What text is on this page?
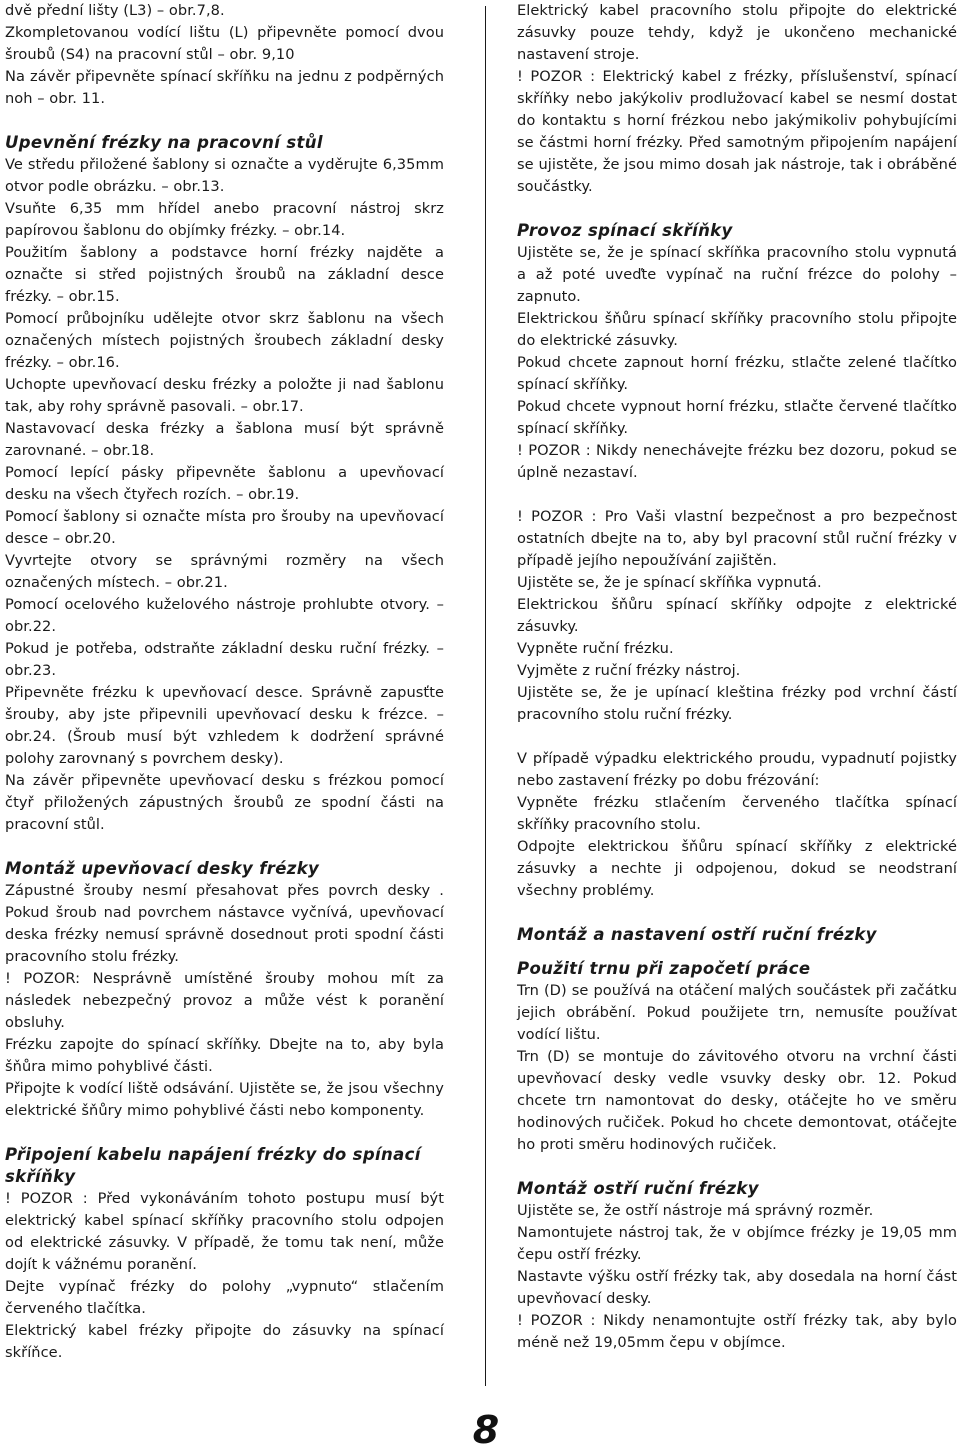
dvě přední lišty (L3) – obr.7,8.
Zkompletovanou vodící lištu (L) připevněte pomocí dvou šroubů (S4) na pracovní stůl – obr. 9,10
Na závěr připevněte spínací skříňku na jednu z podpěrných noh – obr. 11.
Upevnění frézky na pracovní stůl
Ve středu přiložené šablony si označte a vyděrujte 6,35mm otvor podle obrázku. – obr.13.
Vsuňte 6,35 mm hřídel anebo pracovní nástroj skrz papírovou šablonu do objímky frézky. – obr.14.
Použitím šablony a podstavce horní frézky najděte a označte si střed pojistných šroubů na základní desce frézky. – obr.15.
Pomocí průbojníku udělejte otvor skrz šablonu na všech označených místech pojistných šroubech základní desky frézky. – obr.16.
Uchopte upevňovací desku frézky a položte ji nad šablonu tak, aby rohy správně pasovali. – obr.17.
Nastavovací deska frézky a šablona musí být správně zarovnané. – obr.18.
Pomocí lepící pásky připevněte šablonu a upevňovací desku na všech čtyřech rozích. – obr.19.
Pomocí šablony si označte místa pro šrouby na upevňovací desce – obr.20.
Vyvrtejte otvory se správnými rozměry na všech označených místech. – obr.21.
Pomocí ocelového kuželového nástroje prohlubte otvory. – obr.22.
Pokud je potřeba, odstraňte základní desku ruční frézky. – obr.23.
Připevněte frézku k upevňovací desce. Správně zapusťte šrouby, aby jste připevnili upevňovací desku k frézce. – obr.24. (Šroub musí být vzhledem k dodržení správné polohy zarovnaný s povrchem desky).
Na závěr připevněte upevňovací desku s frézkou pomocí čtyř přiložených zápustných šroubů ze spodní části na pracovní stůl.
Montáž upevňovací desky frézky
Zápustné šrouby nesmí přesahovat přes povrch desky . Pokud šroub nad povrchem nástavce vyčnívá, upevňovací deska frézky nemusí správně dosednout proti spodní části pracovního stolu frézky.
! POZOR: Nesprávně umístěné šrouby mohou mít za následek nebezpečný provoz a může vést k poranění obsluhy.
Frézku zapojte do spínací skříňky. Dbejte na to, aby byla šňůra mimo pohyblivé části.
Připojte k vodící liště odsávání. Ujistěte se, že jsou všechny elektrické šňůry mimo pohyblivé části nebo komponenty.
Připojení kabelu napájení frézky do spínací skříňky
! POZOR : Před vykonáváním tohoto postupu musí být elektrický kabel spínací skříňky pracovního stolu odpojen od elektrické zásuvky. V případě, že tomu tak není, může dojít k vážnému poranění.
Dejte vypínač frézky do polohy „vypnuto“ stlačením červeného tlačítka.
Elektrický kabel frézky připojte do zásuvky na spínací skříňce.
Elektrický kabel pracovního stolu připojte do elektrické zásuvky pouze tehdy, když je ukončeno mechanické nastavení stroje.
! POZOR : Elektrický kabel z frézky, příslušenství, spínací skříňky nebo jakýkoliv prodlužovací kabel se nesmí dostat do kontaktu s horní frézkou nebo jakýmikoliv pohybujícími se částmi horní frézky. Před samotným připojením napájení se ujistěte, že jsou mimo dosah jak nástroje, tak i obráběné součástky.
Provoz spínací skříňky
Ujistěte se, že je spínací skříňka pracovního stolu vypnutá a až poté uveďte vypínač na ruční frézce do polohy – zapnuto.
Elektrickou šňůru spínací skříňky pracovního stolu připojte do elektrické zásuvky.
Pokud chcete zapnout horní frézku, stlačte zelené tlačítko spínací skříňky.
Pokud chcete vypnout horní frézku, stlačte červené tlačítko spínací skříňky.
! POZOR : Nikdy nenechávejte frézku bez dozoru, pokud se úplně nezastaví.
! POZOR : Pro Vaši vlastní bezpečnost a pro bezpečnost ostatních dbejte na to, aby byl pracovní stůl ruční frézky v případě jejího nepoužívání zajištěn.
Ujistěte se, že je spínací skříňka vypnutá.
Elektrickou šňůru spínací skříňky odpojte z elektrické zásuvky.
Vypněte ruční frézku.
Vyjměte z ruční frézky nástroj.
Ujistěte se, že je upínací kleština frézky pod vrchní částí pracovního stolu ruční frézky.
V případě výpadku elektrického proudu, vypadnutí pojistky nebo zastavení frézky po dobu frézování:
Vypněte frézku stlačením červeného tlačítka spínací skříňky pracovního stolu.
Odpojte elektrickou šňůru spínací skříňky z elektrické zásuvky a nechte ji odpojenou, dokud se neodstraní všechny problémy.
Montáž a nastavení ostří ruční frézky
Použití trnu při započetí práce
Trn (D) se používá na otáčení malých součástek při začátku jejich obrábění. Pokud použijete trn, nemusíte používat vodící lištu.
Trn (D) se montuje do závitového otvoru na vrchní části upevňovací desky vedle vsuvky desky obr. 12. Pokud chcete trn namontovat do desky, otáčejte ho ve směru hodinových ručiček. Pokud ho chcete demontovat, otáčejte ho proti směru hodinových ručiček.
Montáž ostří ruční frézky
Ujistěte se, že ostří nástroje má správný rozměr.
Namontujete nástroj tak, že v objímce frézky je 19,05 mm čepu ostří frézky.
Nastavte výšku ostří frézky tak, aby dosedala na horní část upevňovací desky.
! POZOR : Nikdy nenamontujte ostří frézky tak, aby bylo méně než 19,05mm čepu v objímce.
8
